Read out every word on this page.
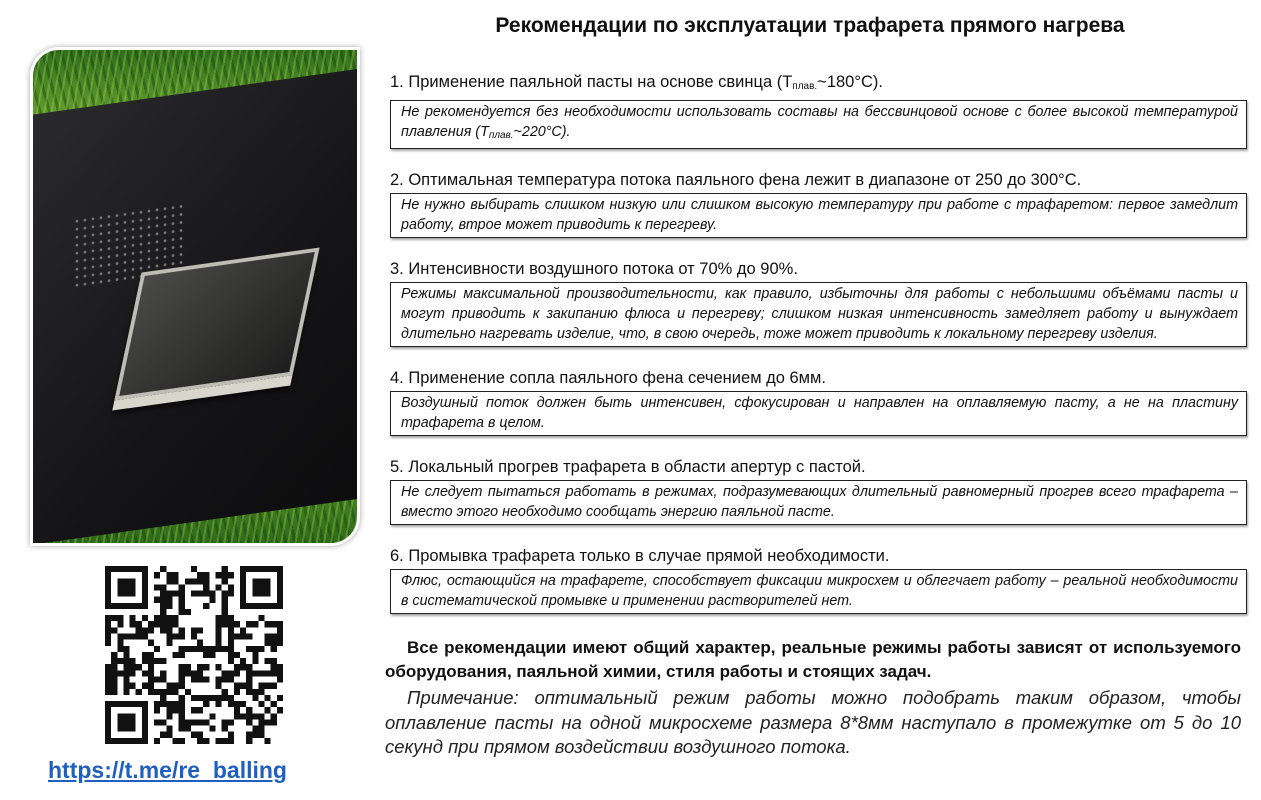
Рекомендации по эксплуатации трафарета прямого нагрева
https://t.me/re_balling
1. Применение паяльной пасты на основе свинца $(T_{плав.}\sim 180^\circ C)$.
Не рекомендуется без необходимости использовать составы на бессвинцовой основе с более высокой температурой плавления $(T_{плав.}\sim 220^\circ C)$.
2. Оптимальная температура потока паяльного фена лежит в диапазоне от 250 до 300°C.
Не нужно выбирать слишком низкую или слишком высокую температуру при работе с трафаретом: первое замедлит работу, втрое может приводить к перегреву.
3. Интенсивности воздушного потока от 70% до 90%.
Режимы максимальной производительности, как правило, избыточны для работы с небольшими объёмами пасты и могут приводить к закипанию флюса и перегреву; слишком низкая интенсивность замедляет работу и вынуждает длительно нагревать изделие, что, в свою очередь, тоже может приводить к локальному перегреву изделия.
4. Применение сопла паяльного фена сечением до 6мм.
Воздушный поток должен быть интенсивен, сфокусирован и направлен на оплавляемую пасту, а не на пластину трафарета в целом.
5. Локальный прогрев трафарета в области апертур с пастой.
Не следует пытаться работать в режимах, подразумевающих длительный равномерный прогрев всего трафарета – вместо этого необходимо сообщать энергию паяльной пасте.
6. Промывка трафарета только в случае прямой необходимости.
Флюс, остающийся на трафарете, способствует фиксации микросхем и облегчает работу – реальной необходимости в систематической промывке и применении растворителей нет.
Все рекомендации имеют общий характер, реальные режимы работы зависят от используемого оборудования, паяльной химии, стиля работы и стоящих задач.
Примечание: оптимальный режим работы можно подобрать таким образом, чтобы оплавление пасты на одной микросхеме размера 8*8мм наступало в промежутке от 5 до 10 секунд при прямом воздействии воздушного потока.
